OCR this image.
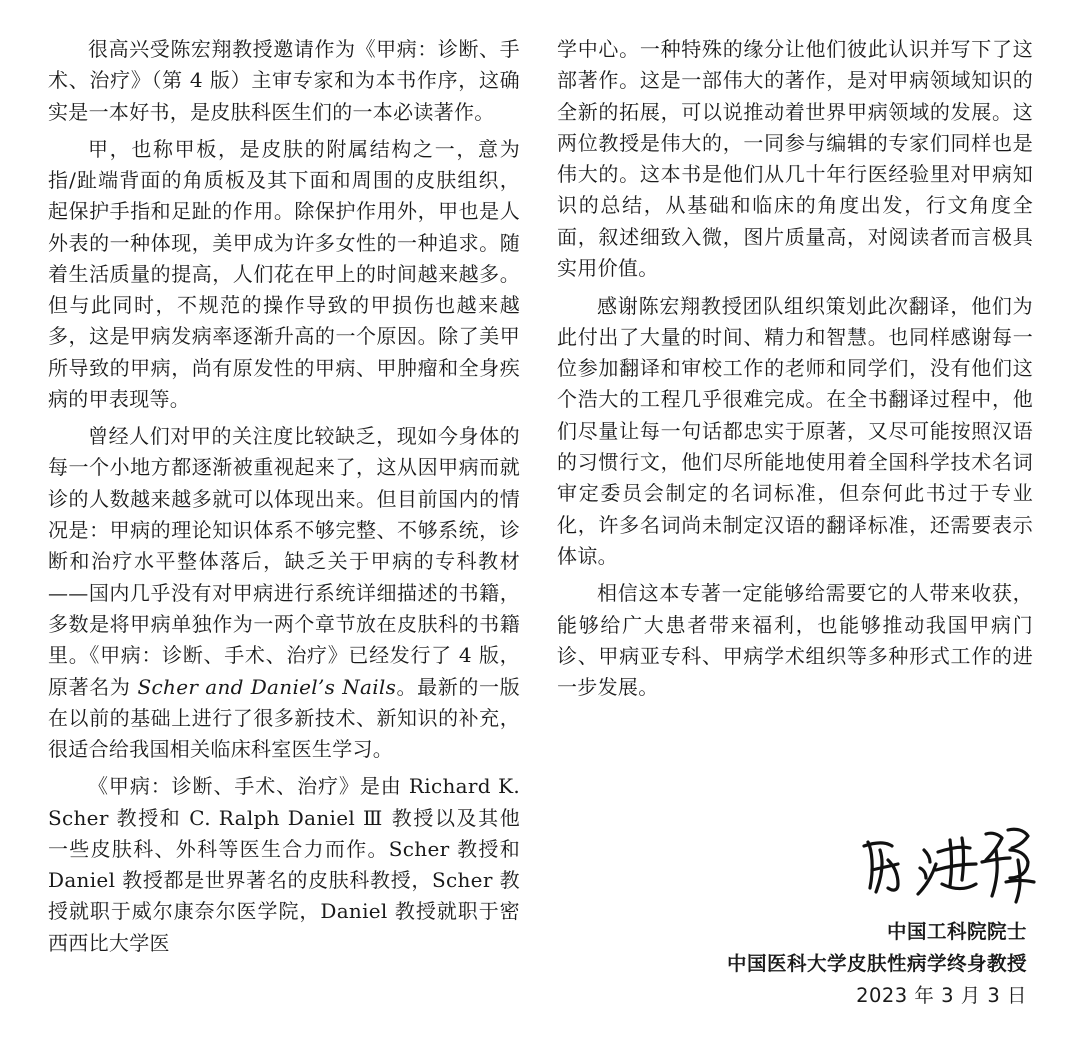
很高兴受陈宏翔教授邀请作为《甲病：诊断、手术、治疗》（第 4 版）主审专家和为本书作序，这确实是一本好书，是皮肤科医生们的一本必读著作。

甲，也称甲板，是皮肤的附属结构之一，意为指/趾端背面的角质板及其下面和周围的皮肤组织，起保护手指和足趾的作用。除保护作用外，甲也是人外表的一种体现，美甲成为许多女性的一种追求。随着生活质量的提高，人们花在甲上的时间越来越多。但与此同时，不规范的操作导致的甲损伤也越来越多，这是甲病发病率逐渐升高的一个原因。除了美甲所导致的甲病，尚有原发性的甲病、甲肿瘤和全身疾病的甲表现等。

曾经人们对甲的关注度比较缺乏，现如今身体的每一个小地方都逐渐被重视起来了，这从因甲病而就诊的人数越来越多就可以体现出来。但目前国内的情况是：甲病的理论知识体系不够完整、不够系统，诊断和治疗水平整体落后，缺乏关于甲病的专科教材——国内几乎没有对甲病进行系统详细描述的书籍，多数是将甲病单独作为一两个章节放在皮肤科的书籍里。《甲病：诊断、手术、治疗》已经发行了 4 版，原著名为 Scher and Daniel’s Nails。最新的一版在以前的基础上进行了很多新技术、新知识的补充，很适合给我国相关临床科室医生学习。

《甲病：诊断、手术、治疗》是由 Richard K. Scher 教授和 C. Ralph Daniel Ⅲ 教授以及其他一些皮肤科、外科等医生合力而作。Scher 教授和 Daniel 教授都是世界著名的皮肤科教授，Scher 教授就职于威尔康奈尔医学院，Daniel 教授就职于密西西比大学医

学中心。一种特殊的缘分让他们彼此认识并写下了这部著作。这是一部伟大的著作，是对甲病领域知识的全新的拓展，可以说推动着世界甲病领域的发展。这两位教授是伟大的，一同参与编辑的专家们同样也是伟大的。这本书是他们从几十年行医经验里对甲病知识的总结，从基础和临床的角度出发，行文角度全面，叙述细致入微，图片质量高，对阅读者而言极具实用价值。

感谢陈宏翔教授团队组织策划此次翻译，他们为此付出了大量的时间、精力和智慧。也同样感谢每一位参加翻译和审校工作的老师和同学们，没有他们这个浩大的工程几乎很难完成。在全书翻译过程中，他们尽量让每一句话都忠实于原著，又尽可能按照汉语的习惯行文，他们尽所能地使用着全国科学技术名词审定委员会制定的名词标准，但奈何此书过于专业化，许多名词尚未制定汉语的翻译标准，还需要表示体谅。

相信这本专著一定能够给需要它的人带来收获，能够给广大患者带来福利，也能够推动我国甲病门诊、甲病亚专科、甲病学术组织等多种形式工作的进一步发展。

中国工科院院士
中国医科大学皮肤性病学终身教授
2023 年 3 月 3 日
